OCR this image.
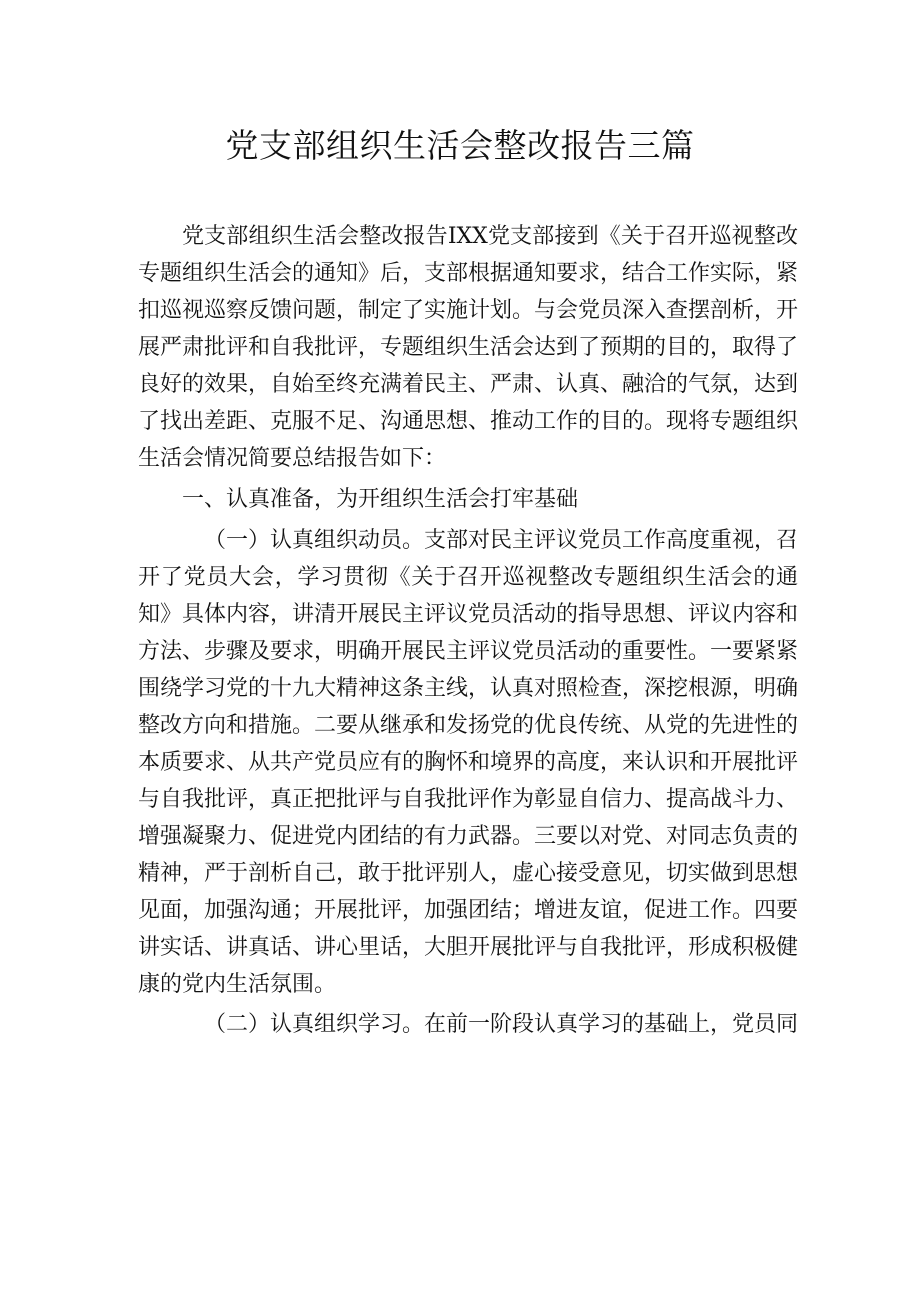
党支部组织生活会整改报告三篇

党支部组织生活会整改报告IXX党支部接到《关于召开巡视整改专题组织生活会的通知》后，支部根据通知要求，结合工作实际，紧扣巡视巡察反馈问题，制定了实施计划。与会党员深入查摆剖析，开展严肃批评和自我批评，专题组织生活会达到了预期的目的，取得了良好的效果，自始至终充满着民主、严肃、认真、融洽的气氛，达到了找出差距、克服不足、沟通思想、推动工作的目的。现将专题组织生活会情况简要总结报告如下：

一、认真准备，为开组织生活会打牢基础

（一）认真组织动员。支部对民主评议党员工作高度重视，召开了党员大会，学习贯彻《关于召开巡视整改专题组织生活会的通知》具体内容，讲清开展民主评议党员活动的指导思想、评议内容和方法、步骤及要求，明确开展民主评议党员活动的重要性。一要紧紧围绕学习党的十九大精神这条主线，认真对照检查，深挖根源，明确整改方向和措施。二要从继承和发扬党的优良传统、从党的先进性的本质要求、从共产党员应有的胸怀和境界的高度，来认识和开展批评与自我批评，真正把批评与自我批评作为彰显自信力、提高战斗力、增强凝聚力、促进党内团结的有力武器。三要以对党、对同志负责的精神，严于剖析自己，敢于批评别人，虚心接受意见，切实做到思想见面，加强沟通；开展批评，加强团结；增进友谊，促进工作。四要讲实话、讲真话、讲心里话，大胆开展批评与自我批评，形成积极健康的党内生活氛围。

（二）认真组织学习。在前一阶段认真学习的基础上，党员同
